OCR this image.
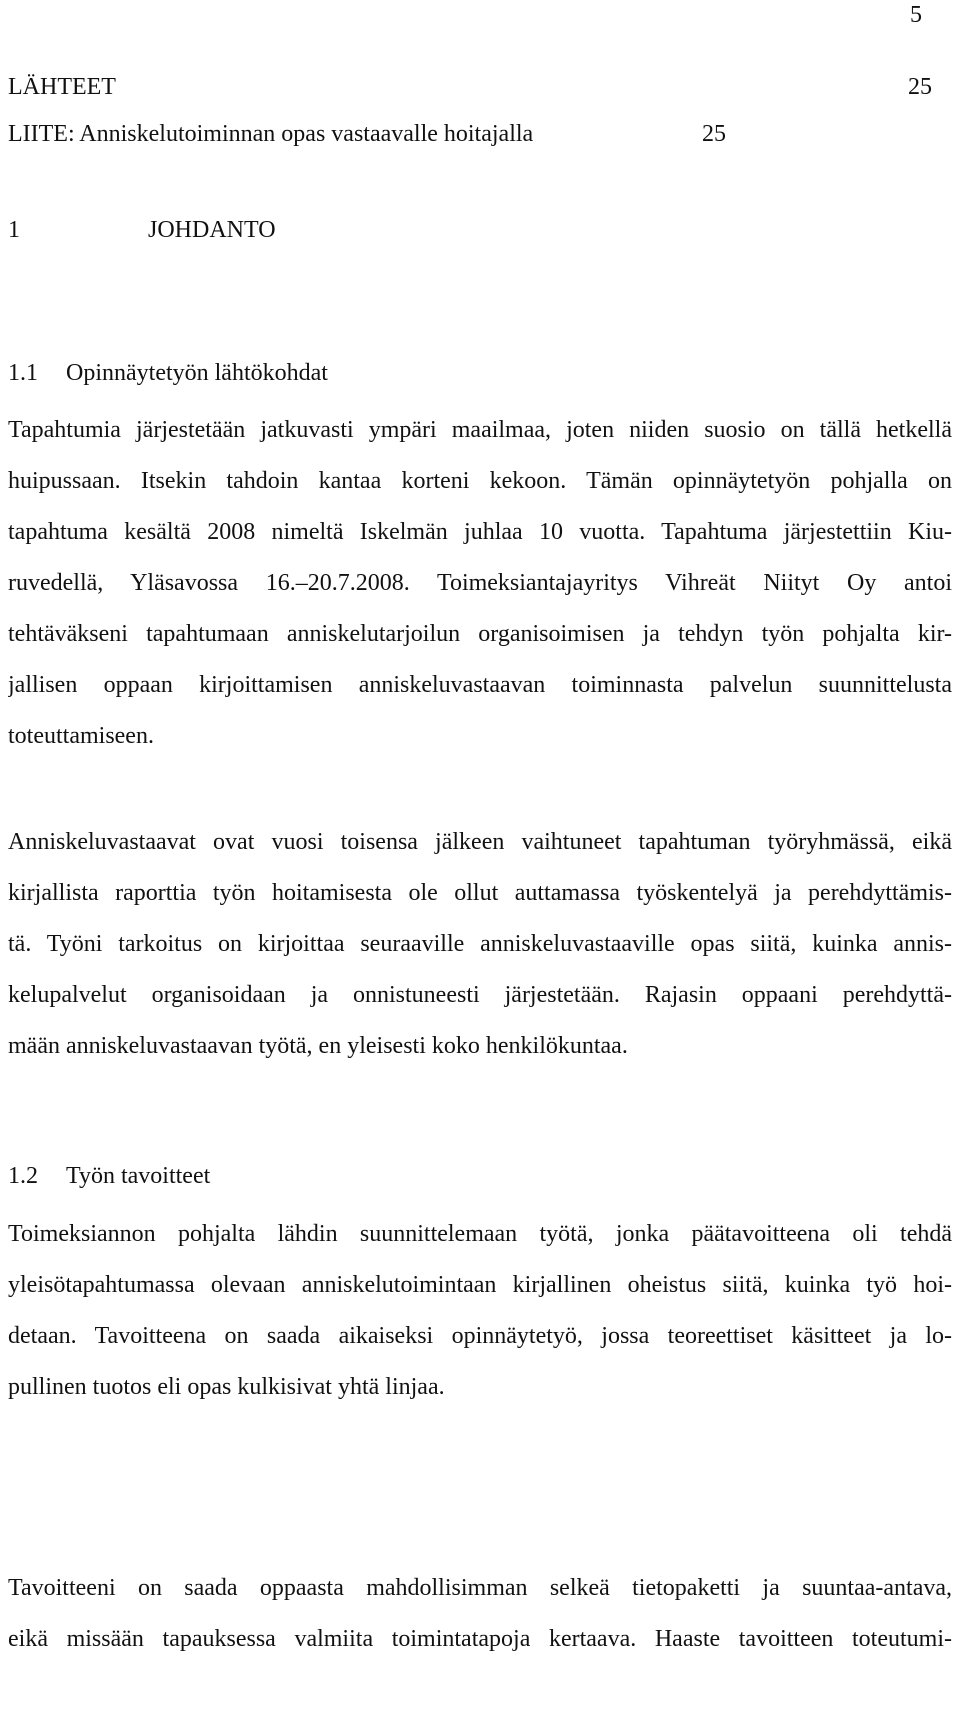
5
LÄHTEET	25
LIITE: Anniskelutoiminnan opas vastaavalle hoitajalla	25
1	JOHDANTO
1.1 Opinnäytetyön lähtökohdat
Tapahtumia järjestetään jatkuvasti ympäri maailmaa, joten niiden suosio on tällä hetkellä
huipussaan. Itsekin tahdoin kantaa korteni kekoon. Tämän opinnäytetyön pohjalla on
tapahtuma kesältä 2008 nimeltä Iskelmän juhlaa 10 vuotta. Tapahtuma järjestettiin Kiu-
ruvedellä, Yläsavossa 16.–20.7.2008. Toimeksiantajayritys Vihreät Niityt Oy antoi
tehtäväkseni tapahtumaan anniskelutarjoilun organisoimisen ja tehdyn työn pohjalta kir-
jallisen oppaan kirjoittamisen anniskeluvastaavan toiminnasta palvelun suunnittelusta
toteuttamiseen.
Anniskeluvastaavat ovat vuosi toisensa jälkeen vaihtuneet tapahtuman työryhmässä, eikä
kirjallista raporttia työn hoitamisesta ole ollut auttamassa työskentelyä ja perehdyttämis-
tä. Työni tarkoitus on kirjoittaa seuraaville anniskeluvastaaville opas siitä, kuinka annis-
kelupalvelut organisoidaan ja onnistuneesti järjestetään. Rajasin oppaani perehdyttä-
mään anniskeluvastaavan työtä, en yleisesti koko henkilökuntaa.
1.2 Työn tavoitteet
Toimeksiannon pohjalta lähdin suunnittelemaan työtä, jonka päätavoitteena oli tehdä
yleisötapahtumassa olevaan anniskelutoimintaan kirjallinen oheistus siitä, kuinka työ hoi-
detaan. Tavoitteena on saada aikaiseksi opinnäytetyö, jossa teoreettiset käsitteet ja lo-
pullinen tuotos eli opas kulkisivat yhtä linjaa.
Tavoitteeni on saada oppaasta mahdollisimman selkeä tietopaketti ja suuntaa-antava,
eikä missään tapauksessa valmiita toimintatapoja kertaava. Haaste tavoitteen toteutumi-
